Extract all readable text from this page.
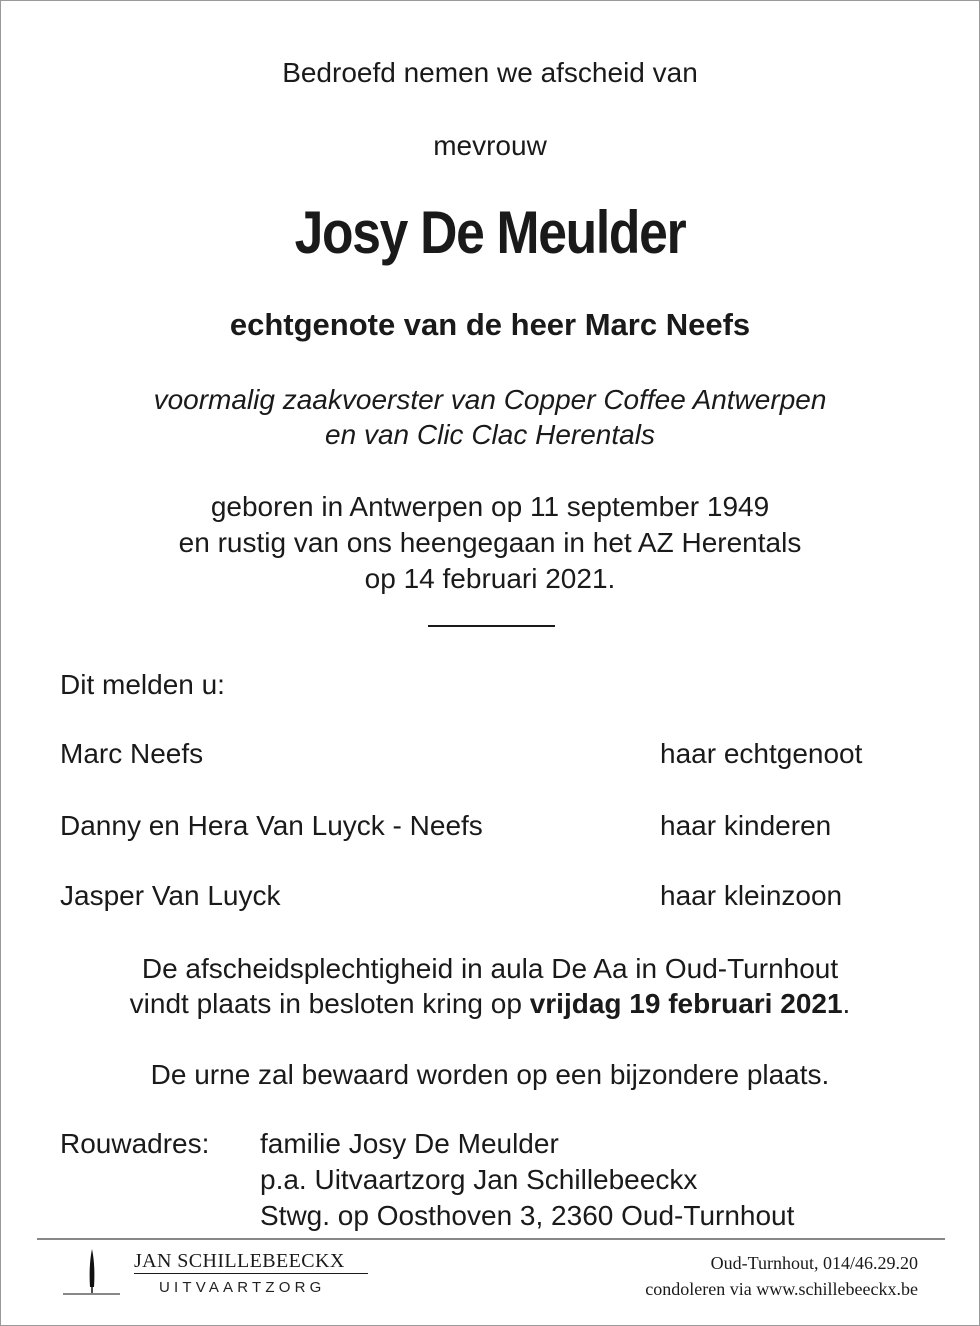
Bedroefd nemen we afscheid van
mevrouw
Josy De Meulder
echtgenote van de heer Marc Neefs
voormalig zaakvoerster van Copper Coffee Antwerpen
en van Clic Clac Herentals
geboren in Antwerpen op 11 september 1949
en rustig van ons heengegaan in het AZ Herentals
op 14 februari 2021.
Dit melden u:
Marc Neefs	haar echtgenoot
Danny en Hera Van Luyck - Neefs	haar kinderen
Jasper Van Luyck	haar kleinzoon
De afscheidsplechtigheid in aula De Aa in Oud-Turnhout
vindt plaats in besloten kring op vrijdag 19 februari 2021.
De urne zal bewaard worden op een bijzondere plaats.
Rouwadres: familie Josy De Meulder
p.a. Uitvaartzorg Jan Schillebeeckx
Stwg. op Oosthoven 3, 2360 Oud-Turnhout
JAN SCHILLEBEECKX
UITVAARTZORG
Oud-Turnhout, 014/46.29.20
condoleren via www.schillebeeckx.be
